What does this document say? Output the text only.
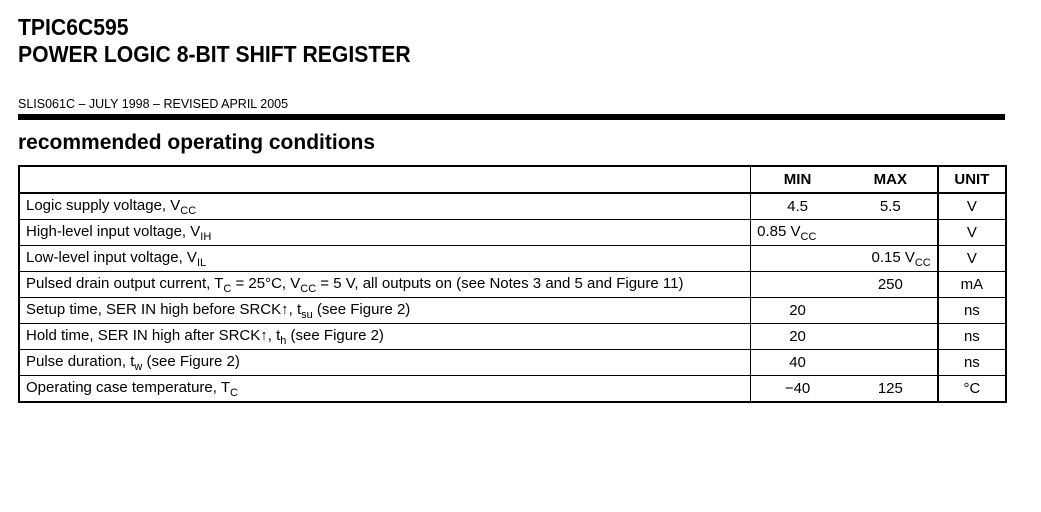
TPIC6C595
POWER LOGIC 8-BIT SHIFT REGISTER
SLIS061C – JULY 1998 – REVISED APRIL 2005
recommended operating conditions
	MIN	MAX	UNIT
Logic supply voltage, $V_{CC}$	4.5	5.5	V
High-level input voltage, $V_{IH}$	0.85 $V_{CC}$		V
Low-level input voltage, $V_{IL}$		0.15 $V_{CC}$	V
Pulsed drain output current, $T_C = 25^\circ C$, $V_{CC} = 5$ V, all outputs on (see Notes 3 and 5 and Figure 11)		250	mA
Setup time, SER IN high before SRCK↑, $t_{su}$ (see Figure 2)	20		ns
Hold time, SER IN high after SRCK↑, $t_h$ (see Figure 2)	20		ns
Pulse duration, $t_w$ (see Figure 2)	40		ns
Operating case temperature, $T_C$	−40	125	°C
